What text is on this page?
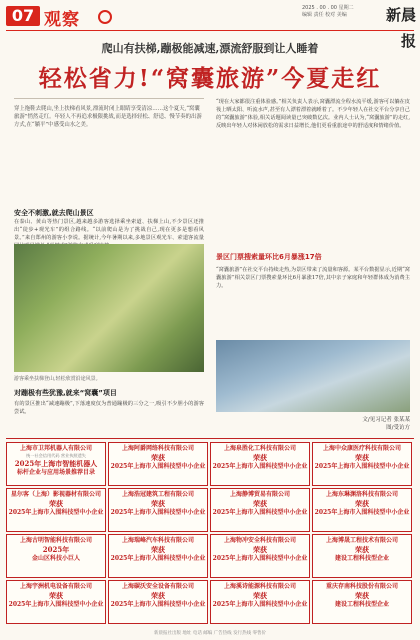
07 观察
2025 . 00 . 00 星期二
编辑 责任 校对 美编	新晨报
爬山有扶梯,蹦极能减速,漂流舒服到让人睡着
轻松省力!“窝囊旅游”今夏走红
穿上拖鞋去爬山,坐上扶梯看风景,漂流时闭上眼睛享受清凉……这个夏天,“窝囊旅游”悄然走红。年轻人不再追求极限挑战,而是选择轻松、舒适、慢节奏的出游方式,在“躺平”中感受山水之美。
安全不刺激,就去爬山景区
在泰山、黄山等热门景区,越来越多游客选择乘坐索道、扶梯上山,不少景区还推出“徒步+观光车”的组合路线。“以前爬山是为了挑战自己,现在更多是想看风景。”来自郑州的游客小李说。据统计,今年暑期以来,多地景区观光车、索道客流量
游客乘坐扶梯登山,轻松欣赏沿途风景。
对蹦极有些犹豫,就来“窝囊”项目
有的景区推出“减速蹦极”,下落速度仅为普通蹦极的三分之一,吸引不少胆小的游客尝试。
“现在大家都很注重体验感。”相关负责人表示,窝囊漂流全程水流平缓,游客可以躺在皮筏上晒太阳、听流水声,甚至有人漂着漂着就睡着了。不少年轻人在社交平台分享自己的“窝囊旅游”体验,相关话题阅读量已突破数亿次。业内人士认为,“窝囊旅游”的走红,反映出年轻人对休闲放松的需求日益增长,他们更看重旅途中的舒适度和情绪价值。
景区门票搜索量环比6月暴涨17倍
“窝囊旅游”在社交平台持续走热,为景区带来了流量和客源。某平台数据显示,近期“窝囊旅游”相关景区门票搜索量环比6月暴涨17倍,其中亲子家庭和年轻群体成为消费主力。
文/见习记者 张某某
图/受访方
上海市卫邦机器人有限公司
统一社会信用代码 营业执照遗失
2025年上海市智能机器人
标杆企业与应用场景推荐目录
上海阿爵网络科技有限公司
荣获
2025年上海市入围科技型中小企业
上海泉胜化工科技有限公司
荣获
2025年上海市入围科技型中小企业
上海中众康医疗科技有限公司
荣获
2025年上海市入围科技型中小企业
星尔客（上海）影视器材有限公司
荣获
2025年上海市入围科技型中小企业
上海浩冠建筑工程有限公司
荣获
2025年上海市入围科技型中小企业
上海静博贸易有限公司
荣获
2025年上海市入围科技型中小企业
上海东琳渊洛科技有限公司
荣获
2025年上海市入围科技型中小企业
上海古明智能科技有限公司
2025年
金山区科技小巨人
上海瑞峰汽车科技有限公司
荣获
2025年上海市入围科技型中小企业
上海物冲安全科技有限公司
荣获
2025年上海市入围科技型中小企业
上海博晟工程技术有限公司
荣获
建设工程科技型企业
上海宇洲机电设备有限公司
荣获
2025年上海市入围科技型中小企业
上海碳沃安全设备有限公司
荣获
2025年上海市入围科技型中小企业
上海溪诗能源科技有限公司
荣获
2025年上海市入围科技型中小企业
重庆存南科技股份有限公司
荣获
建设工程科技型企业
新晨报社出版 地址 电话 邮编 广告热线 发行热线 零售价
